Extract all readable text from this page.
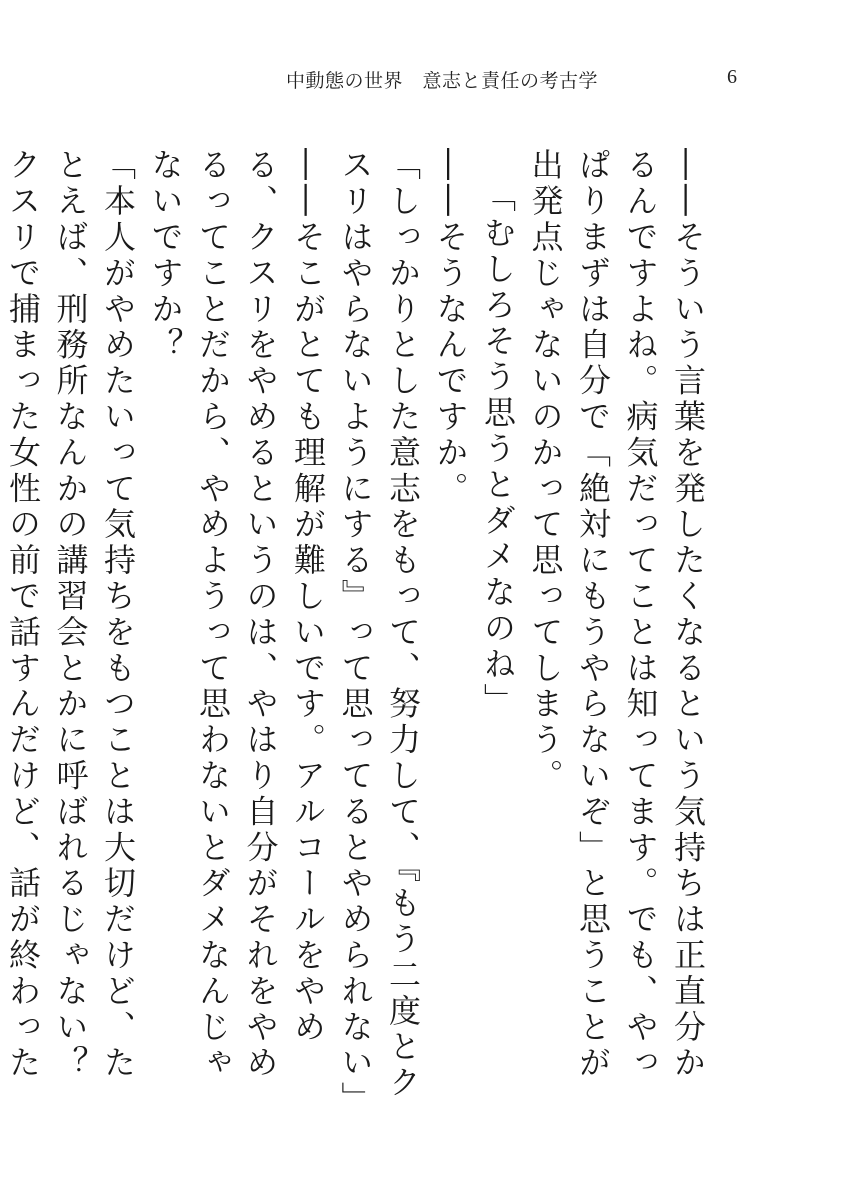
中動態の世界　意志と責任の考古学	6

――そういう言葉を発したくなるという気持ちは正直分かるんですよね。病気だってことは知ってます。でも、やっぱりまずは自分で「絶対にもうやらないぞ」と思うことが出発点じゃないのかって思ってしまう。

「むしろそう思うとダメなのね」

――そうなんですか。

「しっかりとした意志をもって、努力して、『もう二度とクスリはやらないようにする』って思ってるとやめられない」

――そこがとても理解が難しいです。アルコールをやめる、クスリをやめるというのは、やはり自分がそれをやめるってことだから、やめようって思わないとダメなんじゃないですか？

「本人がやめたいって気持ちをもつことは大切だけど、たとえば、刑務所なんかの講習会とかに呼ばれるじゃない？　クスリで捕まった女性の前で話すんだけど、話が終わった
